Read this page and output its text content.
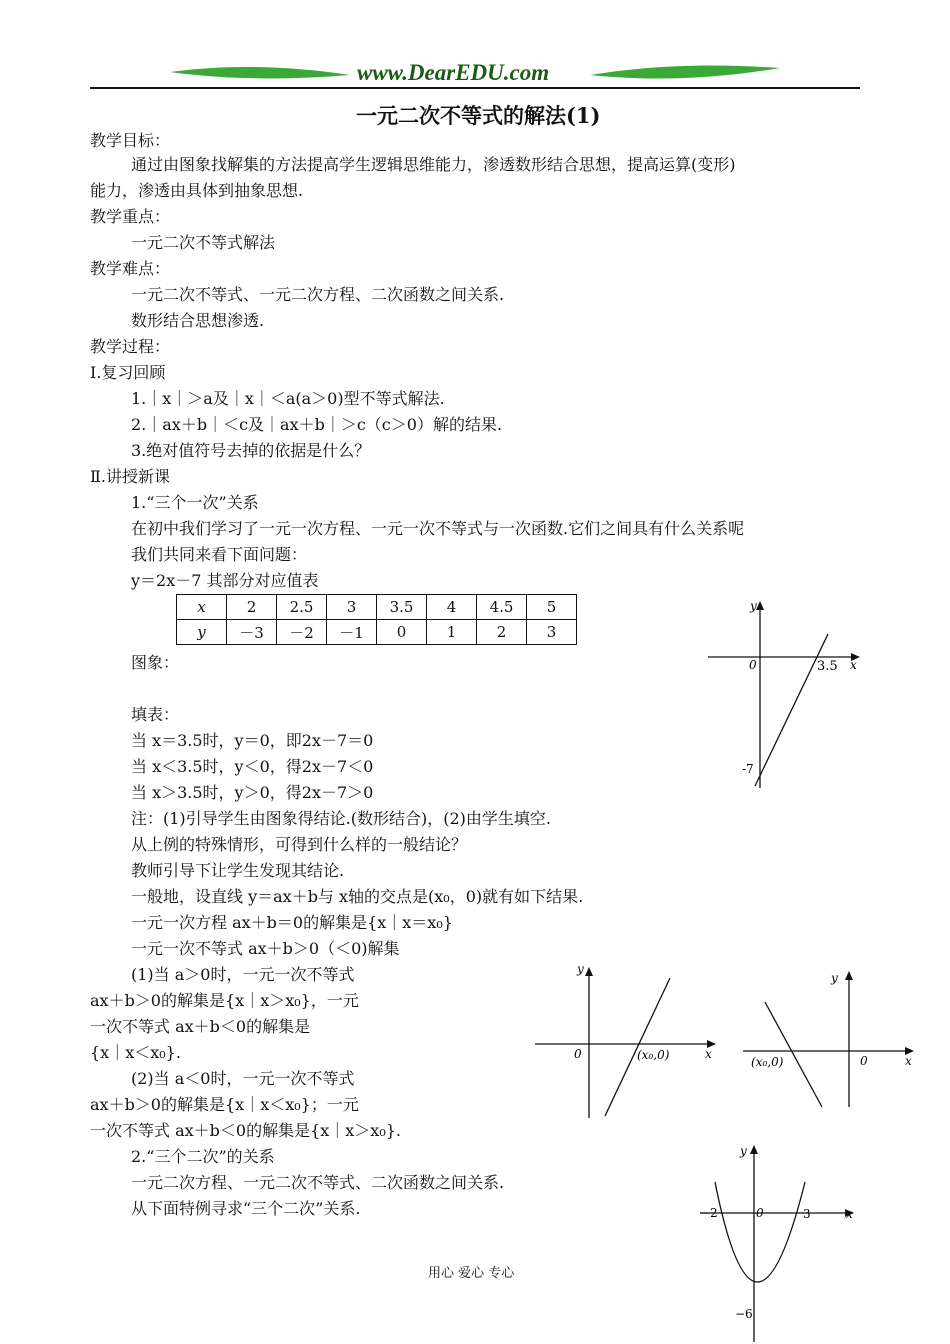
www.DearEDU.com
一元二次不等式的解法(1)
教学目标：
通过由图象找解集的方法提高学生逻辑思维能力，渗透数形结合思想，提高运算(变形)
能力，渗透由具体到抽象思想.
教学重点：
一元二次不等式解法
教学难点：
一元二次不等式、一元二次方程、二次函数之间关系.
数形结合思想渗透.
教学过程：
Ⅰ.复习回顾
1.｜x｜＞a及｜x｜＜a(a＞0)型不等式解法.
2.｜ax＋b｜＜c及｜ax＋b｜＞c（c＞0）解的结果.
3.绝对值符号去掉的依据是什么？
Ⅱ.讲授新课
1.“三个一次”关系
在初中我们学习了一元一次方程、一元一次不等式与一次函数.它们之间具有什么关系呢
我们共同来看下面问题：
y＝2x－7 其部分对应值表
x	2	2.5	3	3.5	4	4.5	5
y	－3	－2	－1	0	1	2	3
图象：
填表：
当 x＝3.5时，y＝0，即2x－7＝0
当 x＜3.5时，y＜0，得2x－7＜0
当 x＞3.5时，y＞0，得2x－7＞0
注：(1)引导学生由图象得结论.(数形结合)，(2)由学生填空.
从上例的特殊情形，可得到什么样的一般结论？
教师引导下让学生发现其结论.
一般地，设直线 y＝ax＋b与 x轴的交点是(x₀，0)就有如下结果.
一元一次方程 ax＋b＝0的解集是{x｜x＝x₀}
一元一次不等式 ax＋b＞0（＜0)解集
(1)当 a＞0时，一元一次不等式
ax＋b＞0的解集是{x｜x＞x₀}，一元
一次不等式 ax＋b＜0的解集是
{x｜x＜x₀}.
(2)当 a＜0时，一元一次不等式
ax＋b＞0的解集是{x｜x＜x₀}；一元
一次不等式 ax＋b＜0的解集是{x｜x＞x₀}.
2.“三个二次”的关系
一元二次方程、一元二次不等式、二次函数之间关系.
从下面特例寻求“三个二次”关系.
x
y
0	3.5
-7
x
y
0	(x₀,0)	x
y
0
(x₀,0)
x
y
0
−2	3
−6
用心 爱心 专心
